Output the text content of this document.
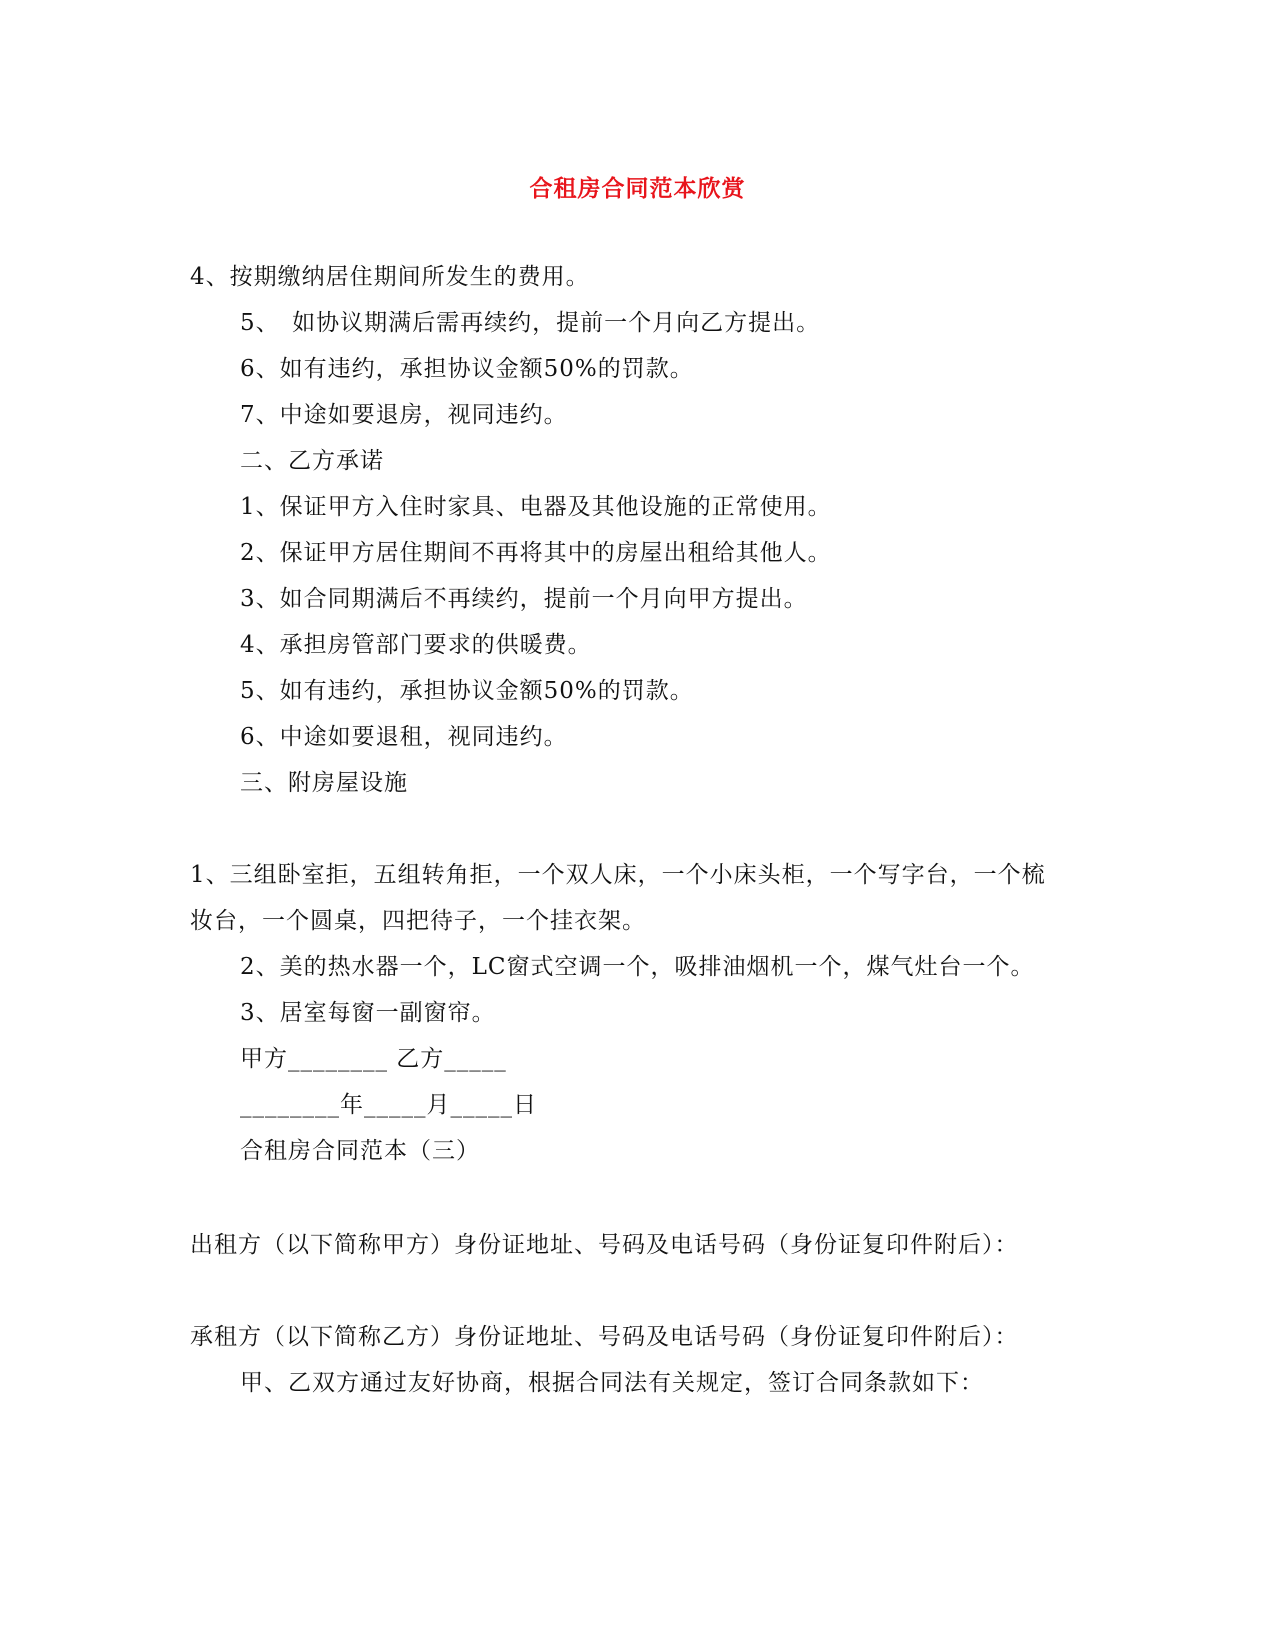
合租房合同范本欣赏
4、按期缴纳居住期间所发生的费用。
5、　如协议期满后需再续约，提前一个月向乙方提出。
6、如有违约，承担协议金额50%的罚款。
7、中途如要退房，视同违约。
二、乙方承诺
1、保证甲方入住时家具、电器及其他设施的正常使用。
2、保证甲方居住期间不再将其中的房屋出租给其他人。
3、如合同期满后不再续约，提前一个月向甲方提出。
4、承担房管部门要求的供暖费。
5、如有违约，承担协议金额50%的罚款。
6、中途如要退租，视同违约。
三、附房屋设施
1、三组卧室拒，五组转角拒，一个双人床，一个小床头柜，一个写字台，一个梳
妆台，一个圆桌，四把待子，一个挂衣架。
2、美的热水器一个，LC窗式空调一个，吸排油烟机一个，煤气灶台一个。
3、居室每窗一副窗帘。
甲方________ 乙方_____
________年_____月_____日
合租房合同范本（三）
出租方（以下简称甲方）身份证地址、号码及电话号码（身份证复印件附后）：
承租方（以下简称乙方）身份证地址、号码及电话号码（身份证复印件附后）：
甲、乙双方通过友好协商，根据合同法有关规定，签订合同条款如下：
